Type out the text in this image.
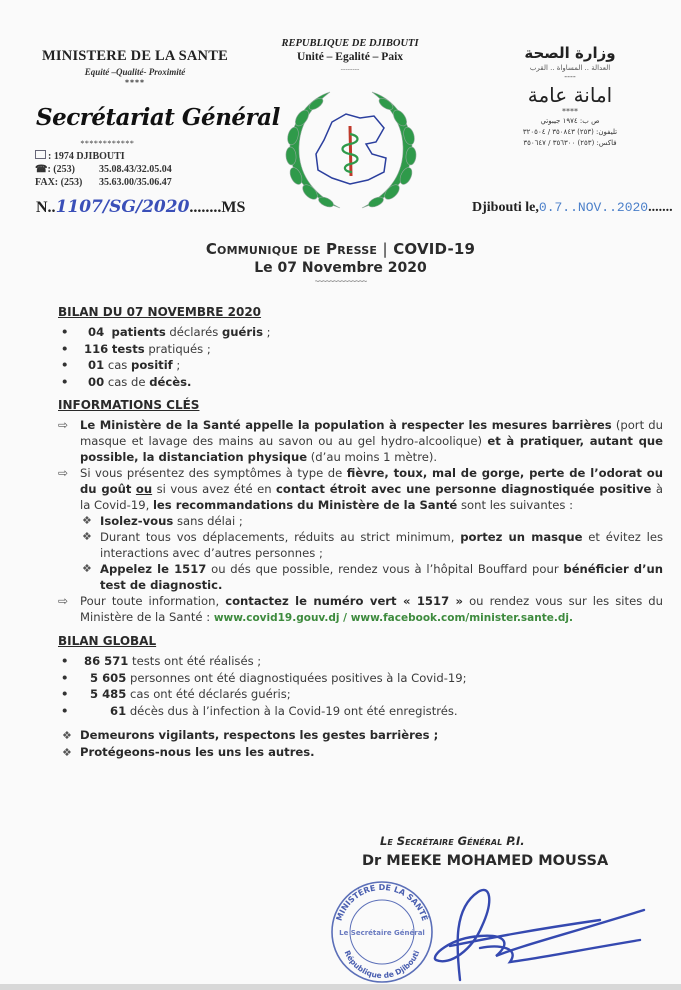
MINISTERE DE LA SANTE
Equité –Qualité- Proximité
****
Secrétariat Général
************
: 1974 DJIBOUTI
☎: (253)	35.08.43/32.05.04
FAX: (253)	35.63.00/35.06.47
N..1107/SG/2020........MS
REPUBLIQUE DE DJIBOUTI
Unité – Egalité – Paix
--------
وزارة الصحة
العدالة .. المساواة .. القرب
----
امانة عامة
****
ص ب: ١٩٧٤ جيبوتي
تليفون: (٢٥٣) ٣٥٠٨٤٣ / ٣٢٠٥٠٤
فاكس: (٢٥٣) ٣٥٦٣٠٠ / ٣٥٠٦٤٧
Djibouti le,0.7..NOV..2020.......
Communique de Presse | COVID-19
Le 07 Novembre 2020
~~~~~~~~~~~~~~
BILAN DU 07 NOVEMBRE 2020
• 04 patients déclarés guéris ;
• 116 tests pratiqués ;
• 01 cas positif ;
• 00 cas de décès.
INFORMATIONS CLÉS
⇨ Le Ministère de la Santé appelle la population à respecter les mesures barrières (port du masque et lavage des mains au savon ou au gel hydro-alcoolique) et à pratiquer, autant que possible, la distanciation physique (d’au moins 1 mètre).
⇨ Si vous présentez des symptômes à type de fièvre, toux, mal de gorge, perte de l’odorat ou du goût ou si vous avez été en contact étroit avec une personne diagnostiquée positive à la Covid-19, les recommandations du Ministère de la Santé sont les suivantes :
❖ Isolez-vous sans délai ;
❖ Durant tous vos déplacements, réduits au strict minimum, portez un masque et évitez les interactions avec d’autres personnes ;
❖ Appelez le 1517 ou dés que possible, rendez vous à l’hôpital Bouffard pour bénéficier d’un test de diagnostic.
⇨ Pour toute information, contactez le numéro vert « 1517 » ou rendez vous sur les sites du Ministère de la Santé : www.covid19.gouv.dj / www.facebook.com/minister.sante.dj.
BILAN GLOBAL
• 86 571 tests ont été réalisés ;
• 5 605 personnes ont été diagnostiquées positives à la Covid-19;
• 5 485 cas ont été déclarés guéris;
• 61 décès dus à l’infection à la Covid-19 ont été enregistrés.
❖ Demeurons vigilants, respectons les gestes barrières ;
❖ Protégeons-nous les uns les autres.
Le Secrétaire Général P.I.
Dr MEEKE MOHAMED MOUSSA
MINISTÈRE DE LA SANTÉ
Le Secrétaire Général
République de Djibouti
